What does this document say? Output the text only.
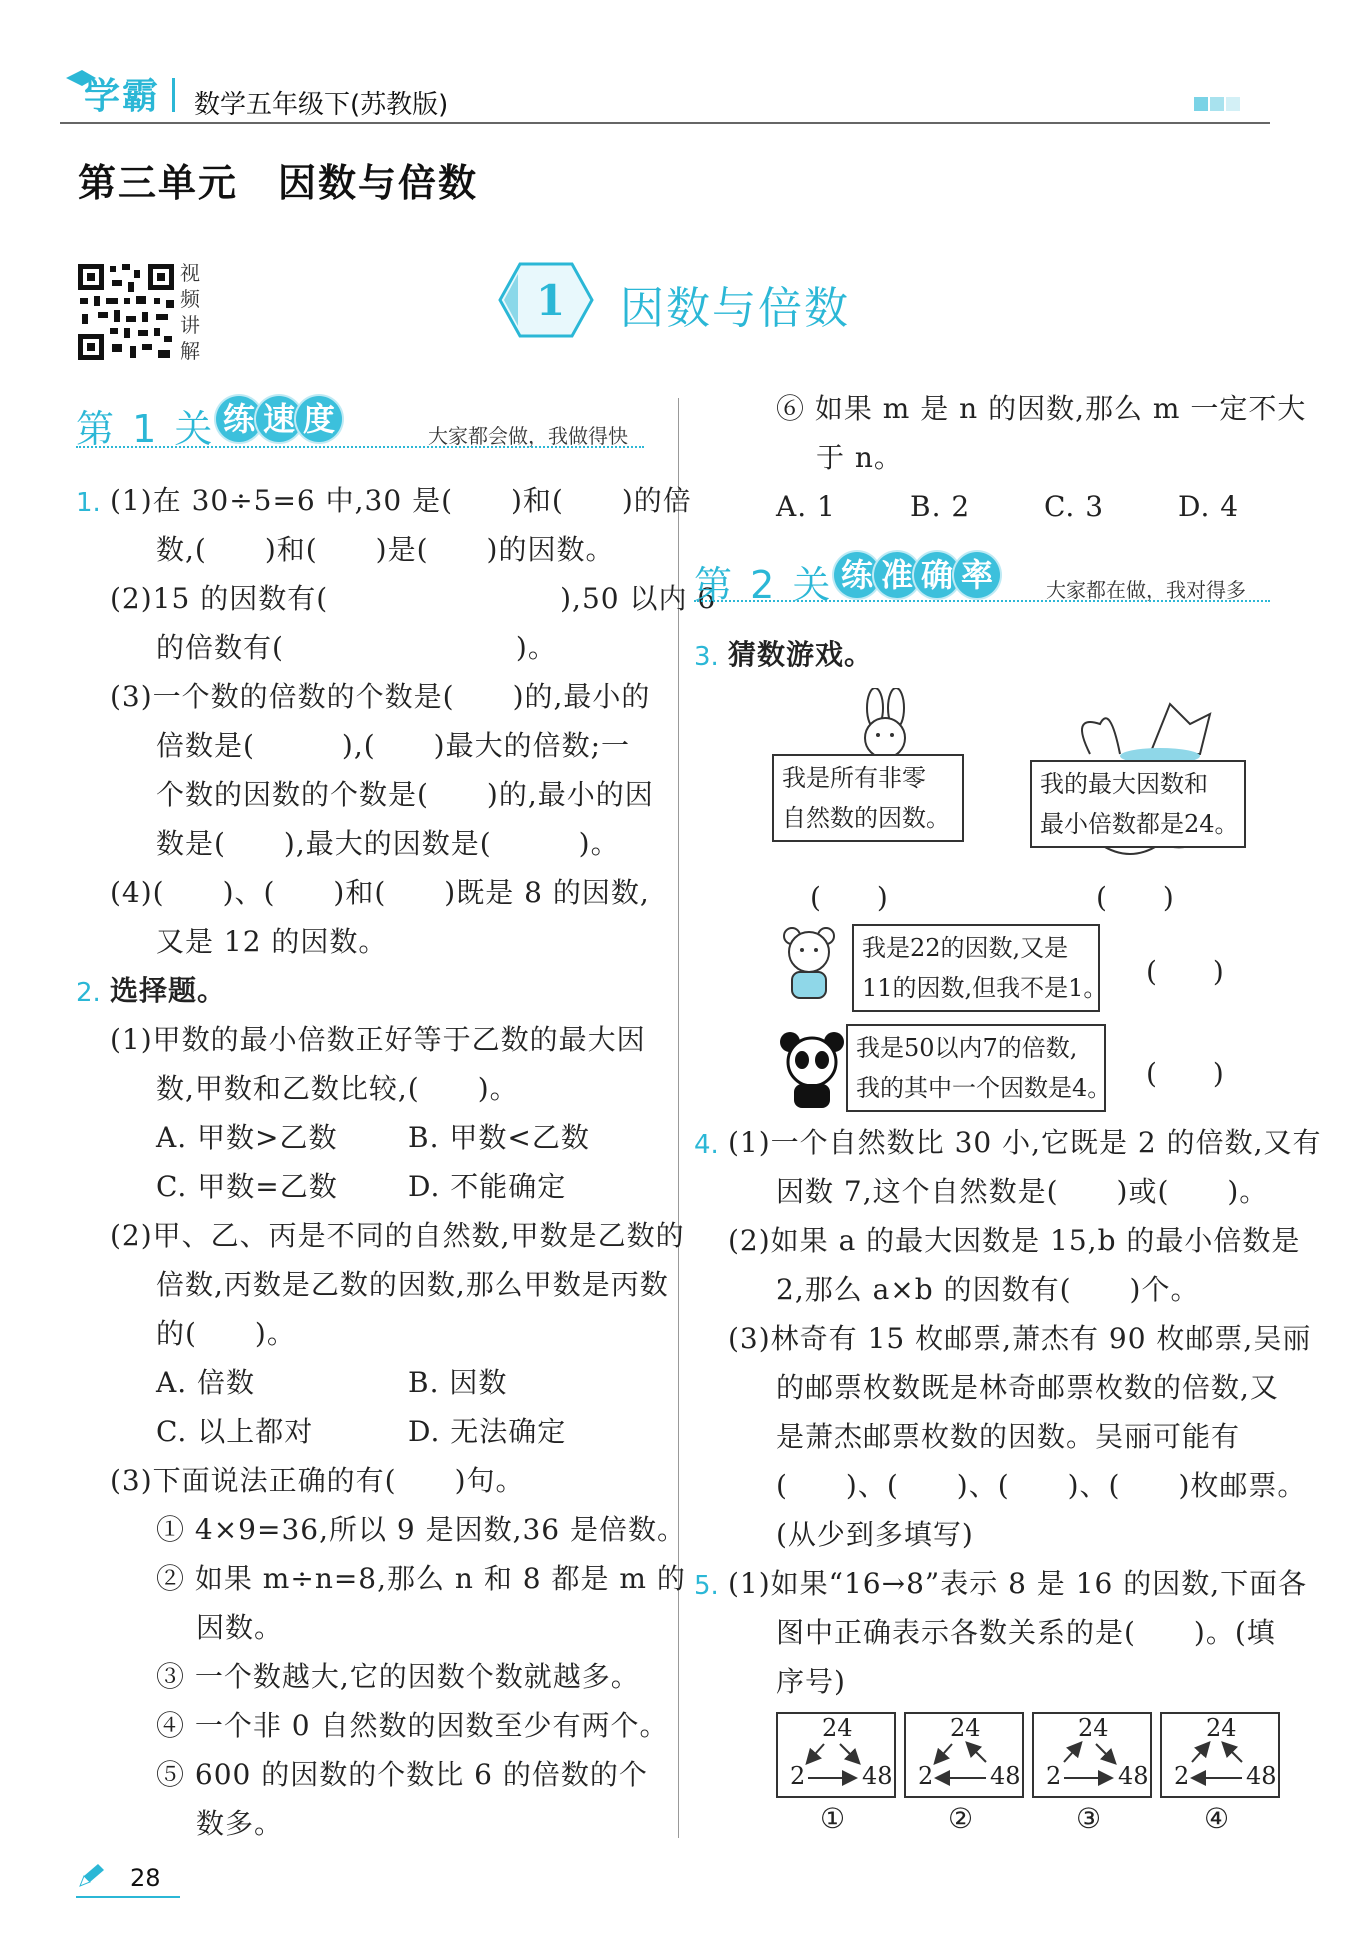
学霸 数学五年级下(苏教版)
第三单元　因数与倍数
视
频
讲
解
1 因数与倍数
第 1 关 练 速 度	大家都会做，我做得快
1. (1)在 30÷5=6 中,30 是(　　)和(　　)的倍
数,(　　)和(　　)是(　　)的因数。
(2)15 的因数有(　　　　　　　　),50 以内 6
的倍数有(　　　　　　　　)。
(3)一个数的倍数的个数是(　　)的,最小的
倍数是(　　　),(　　)最大的倍数;一
个数的因数的个数是(　　)的,最小的因
数是(　　),最大的因数是(　　　)。
(4)(　　)、(　　)和(　　)既是 8 的因数,
又是 12 的因数。
2. 选择题。
(1)甲数的最小倍数正好等于乙数的最大因
数,甲数和乙数比较,(　　)。
A. 甲数>乙数	B. 甲数<乙数
C. 甲数=乙数	D. 不能确定
(2)甲、乙、丙是不同的自然数,甲数是乙数的
倍数,丙数是乙数的因数,那么甲数是丙数
的(　　)。
A. 倍数	B. 因数
C. 以上都对	D. 无法确定
(3)下面说法正确的有(　　)句。
① 4×9=36,所以 9 是因数,36 是倍数。
② 如果 m÷n=8,那么 n 和 8 都是 m 的
因数。
③ 一个数越大,它的因数个数就越多。
④ 一个非 0 自然数的因数至少有两个。
⑤ 600 的因数的个数比 6 的倍数的个
数多。
⑥ 如果 m 是 n 的因数,那么 m 一定不大
于 n。
A. 1	B. 2	C. 3	D. 4
第 2 关 练 准 确 率	大家都在做，我对得多
3. 猜数游戏。
我是所有非零
自然数的因数。
我的最大因数和
最小倍数都是24。
(　　)	(　　)
我是22的因数,又是
11的因数,但我不是1。 (　　)
我是50以内7的倍数,
我的其中一个因数是4。 (　　)
4. (1)一个自然数比 30 小,它既是 2 的倍数,又有
因数 7,这个自然数是(　　)或(　　)。
(2)如果 a 的最大因数是 15,b 的最小倍数是
2,那么 a×b 的因数有(　　)个。
(3)林奇有 15 枚邮票,萧杰有 90 枚邮票,吴丽
的邮票枚数既是林奇邮票枚数的倍数,又
是萧杰邮票枚数的因数。吴丽可能有
(　　)、(　　)、(　　)、(　　)枚邮票。
(从少到多填写)
5. (1)如果“16→8”表示 8 是 16 的因数,下面各
图中正确表示各数关系的是(　　)。(填
序号)
24
2 48
①
24
2 48
②
24
2 48
③
24
2 48
④
28
